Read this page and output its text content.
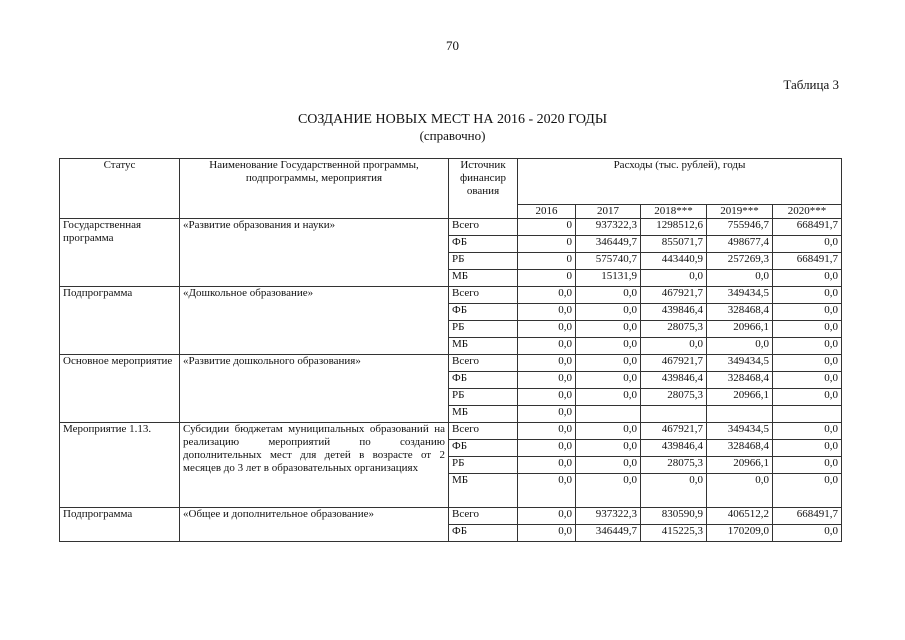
70
Таблица 3
СОЗДАНИЕ НОВЫХ МЕСТ НА 2016 - 2020 ГОДЫ
(справочно)
Статус	Наименование Государственной программы, подпрограммы, мероприятия	Источник финансир ования	Расходы (тыс. рублей), годы				
			2016	2017	2018***	2019***	2020***
Государственная программа	«Развитие образования и науки»	Всего	0	937322,3	1298512,6	755946,7	668491,7
		ФБ	0	346449,7	855071,7	498677,4	0,0
		РБ	0	575740,7	443440,9	257269,3	668491,7
		МБ	0	15131,9	0,0	0,0	0,0
Подпрограмма	«Дошкольное образование»	Всего	0,0	0,0	467921,7	349434,5	0,0
		ФБ	0,0	0,0	439846,4	328468,4	0,0
		РБ	0,0	0,0	28075,3	20966,1	0,0
		МБ	0,0	0,0	0,0	0,0	0,0
Основное мероприятие	«Развитие дошкольного образования»	Всего	0,0	0,0	467921,7	349434,5	0,0
		ФБ	0,0	0,0	439846,4	328468,4	0,0
		РБ	0,0	0,0	28075,3	20966,1	0,0
		МБ	0,0				
Мероприятие 1.13.	Субсидии бюджетам муниципальных образований на реализацию мероприятий по созданию дополнительных мест для детей в возрасте от 2 месяцев до 3 лет в образовательных организациях	Всего	0,0	0,0	467921,7	349434,5	0,0
		ФБ	0,0	0,0	439846,4	328468,4	0,0
		РБ	0,0	0,0	28075,3	20966,1	0,0
		МБ	0,0	0,0	0,0	0,0	0,0
Подпрограмма	«Общее и дополнительное образование»	Всего	0,0	937322,3	830590,9	406512,2	668491,7
		ФБ	0,0	346449,7	415225,3	170209,0	0,0
